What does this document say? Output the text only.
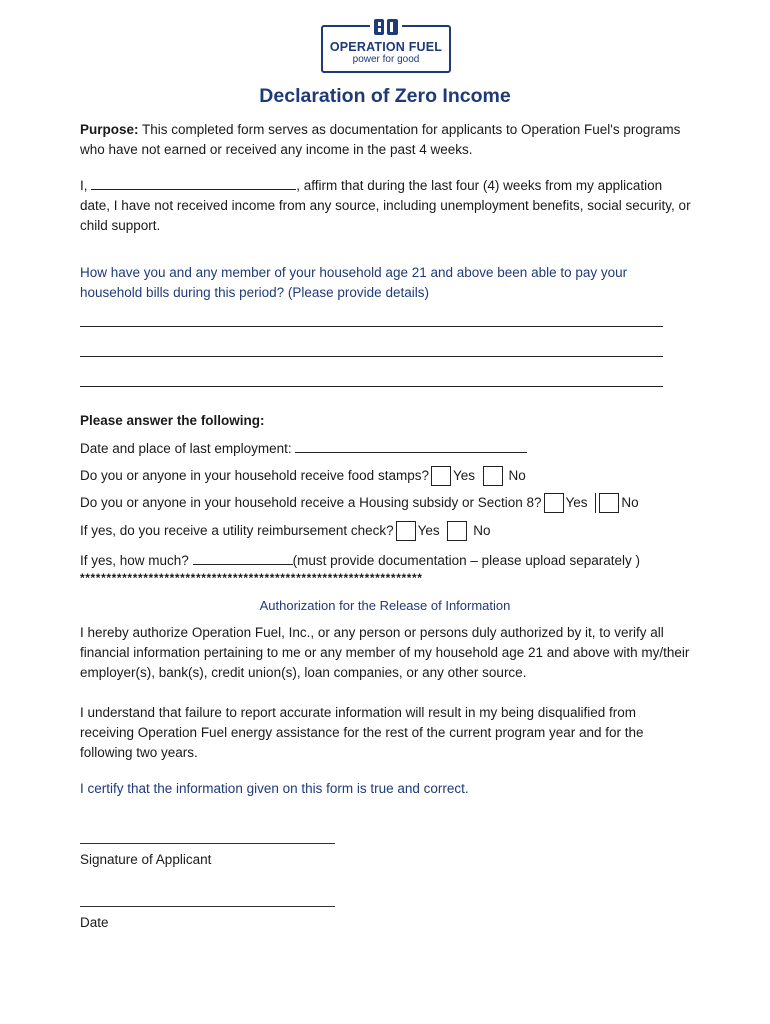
OPERATION FUEL
power for good
Declaration of Zero Income
Purpose: This completed form serves as documentation for applicants to Operation Fuel's programs who have not earned or received any income in the past 4 weeks.
I,	, affirm that during the last four (4) weeks from my application date, I have not received income from any source, including unemployment benefits, social security, or child support.
How have you and any member of your household age 21 and above been able to pay your household bills during this period? (Please provide details)
Please answer the following:
Date and place of last employment:
Do you or anyone in your household receive food stamps? Yes No
Do you or anyone in your household receive a Housing subsidy or Section 8? Yes	No
If yes, do you receive a utility reimbursement check? Yes No
If yes, how much?	(must provide documentation – please upload separately )
*****************************************************************
Authorization for the Release of Information
I hereby authorize Operation Fuel, Inc., or any person or persons duly authorized by it, to verify all financial information pertaining to me or any member of my household age 21 and above with my/their employer(s), bank(s), credit union(s), loan companies, or any other source.
I understand that failure to report accurate information will result in my being disqualified from receiving Operation Fuel energy assistance for the rest of the current program year and for the following two years.
I certify that the information given on this form is true and correct.
Signature of Applicant
Date
